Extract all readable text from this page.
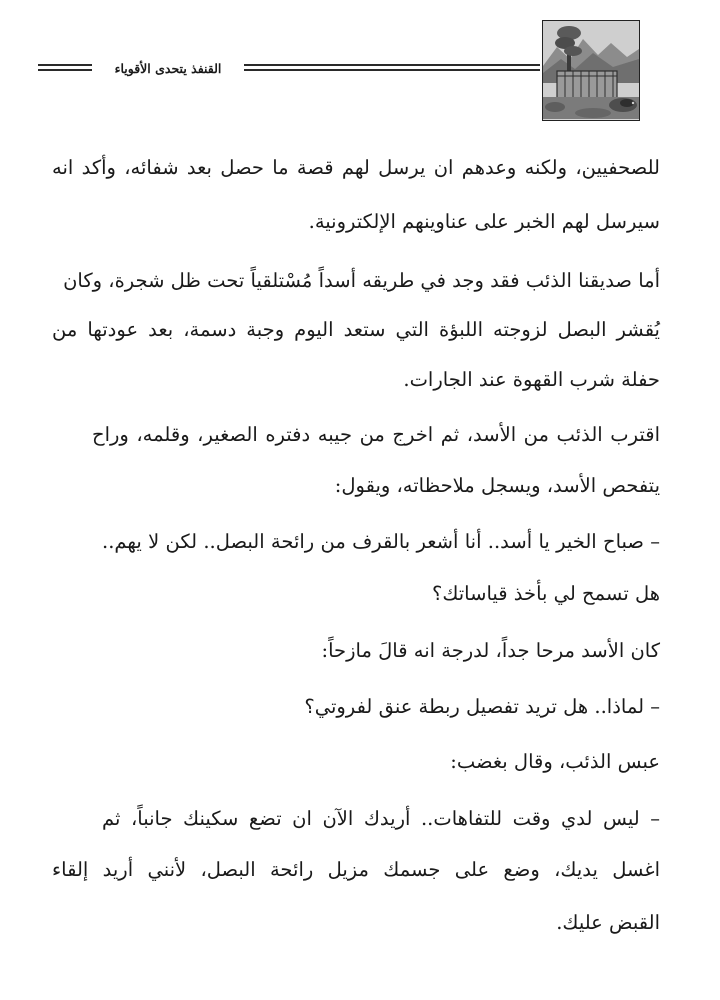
القنفذ يتحدى الأقوياء
للصحفيين، ولكنه وعدهم ان يرسل لهم قصة ما حصل بعد شفائه، وأكد انه
سيرسل لهم الخبر على عناوينهم الإلكترونية.
أما صديقنا الذئب فقد وجد في طريقه أسداً مُسْتلقياً تحت ظل شجرة، وكان
يُقشر البصل لزوجته اللبؤة التي ستعد اليوم وجبة دسمة، بعد عودتها من
حفلة شرب القهوة عند الجارات.
اقترب الذئب من الأسد، ثم اخرج من جيبه دفتره الصغير، وقلمه، وراح
يتفحص الأسد، ويسجل ملاحظاته، ويقول:
– صباح الخير يا أسد.. أنا أشعر بالقرف من رائحة البصل.. لكن لا يهم..
هل تسمح لي بأخذ قياساتك؟
كان الأسد مرحا جداً، لدرجة انه قالَ مازحاً:
– لماذا.. هل تريد تفصيل ربطة عنق لفروتي؟
عبس الذئب، وقال بغضب:
– ليس لدي وقت للتفاهات.. أريدك الآن ان تضع سكينك جانباً، ثم
اغسل يديك، وضع على جسمك مزيل رائحة البصل، لأنني أريد إلقاء
القبض عليك.
